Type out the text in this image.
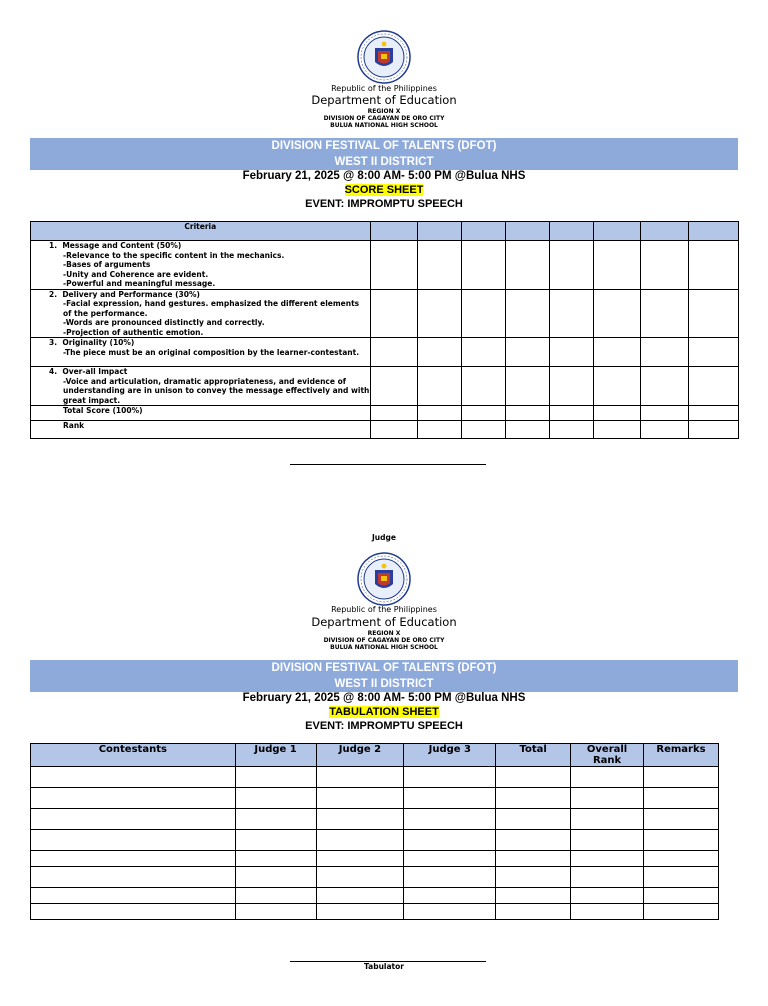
Republic of the Philippines
Department of Education
REGION X
DIVISION OF CAGAYAN DE ORO CITY
BULUA NATIONAL HIGH SCHOOL
DIVISION FESTIVAL OF TALENTS (DFOT)
WEST II DISTRICT
February 21, 2025 @ 8:00 AM- 5:00 PM @Bulua NHS
SCORE SHEET
EVENT: IMPROMPTU SPEECH
Criteria								
1. Message and Content (50%)
-Relevance to the specific content in the mechanics.
-Bases of arguments
-Unity and Coherence are evident.
-Powerful and meaningful message.								

2. Delivery and Performance (30%)
-Facial expression, hand gestures. emphasized the different elements of the performance.
-Words are pronounced distinctly and correctly.
-Projection of authentic emotion.								

3. Originality (10%)
-The piece must be an original composition by the learner-contestant.								

4. Over-all Impact
-Voice and articulation, dramatic appropriateness, and evidence of understanding are in unison to convey the message effectively and with great impact.								

Total Score (100%)								
Rank								
Judge
Republic of the Philippines
Department of Education
REGION X
DIVISION OF CAGAYAN DE ORO CITY
BULUA NATIONAL HIGH SCHOOL
DIVISION FESTIVAL OF TALENTS (DFOT)
WEST II DISTRICT
February 21, 2025 @ 8:00 AM- 5:00 PM @Bulua NHS
TABULATION SHEET
EVENT: IMPROMPTU SPEECH
Contestants	Judge 1	Judge 2	Judge 3	Total	Overall Rank	Remarks

Tabulator
